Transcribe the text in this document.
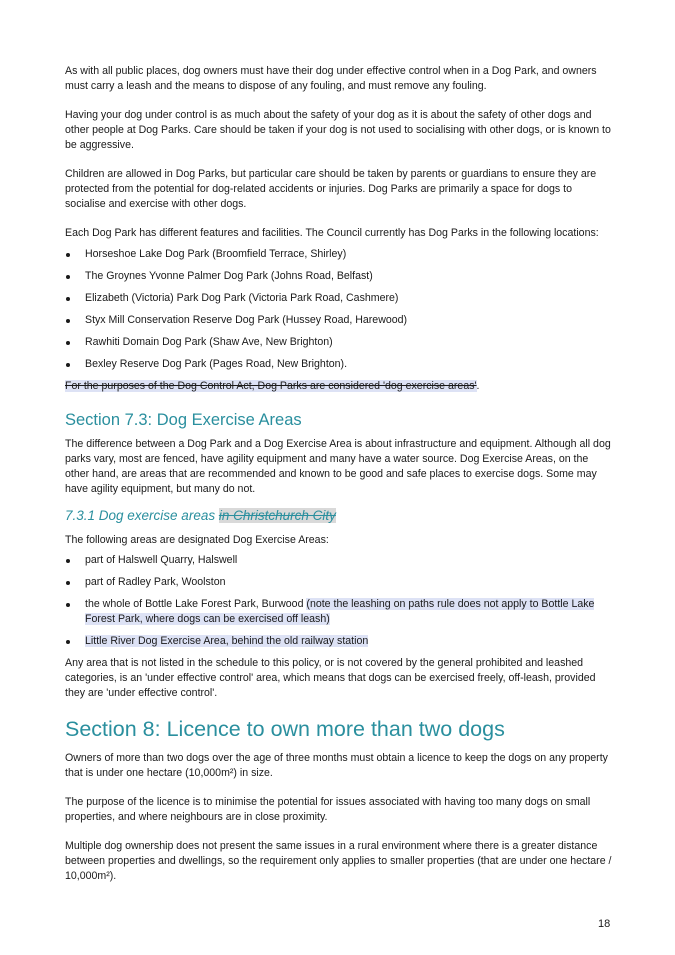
As with all public places, dog owners must have their dog under effective control when in a Dog Park, and owners must carry a leash and the means to dispose of any fouling, and must remove any fouling.

Having your dog under control is as much about the safety of your dog as it is about the safety of other dogs and other people at Dog Parks. Care should be taken if your dog is not used to socialising with other dogs, or is known to be aggressive.

Children are allowed in Dog Parks, but particular care should be taken by parents or guardians to ensure they are protected from the potential for dog-related accidents or injuries. Dog Parks are primarily a space for dogs to socialise and exercise with other dogs.

Each Dog Park has different features and facilities. The Council currently has Dog Parks in the following locations:

Horseshoe Lake Dog Park (Broomfield Terrace, Shirley)
The Groynes Yvonne Palmer Dog Park (Johns Road, Belfast)
Elizabeth (Victoria) Park Dog Park (Victoria Park Road, Cashmere)
Styx Mill Conservation Reserve Dog Park (Hussey Road, Harewood)
Rawhiti Domain Dog Park (Shaw Ave, New Brighton)
Bexley Reserve Dog Park (Pages Road, New Brighton).

For the purposes of the Dog Control Act, Dog Parks are considered 'dog exercise areas'.

Section 7.3: Dog Exercise Areas

The difference between a Dog Park and a Dog Exercise Area is about infrastructure and equipment. Although all dog parks vary, most are fenced, have agility equipment and many have a water source. Dog Exercise Areas, on the other hand, are areas that are recommended and known to be good and safe places to exercise dogs. Some may have agility equipment, but many do not.

7.3.1 Dog exercise areas in Christchurch City

The following areas are designated Dog Exercise Areas:

part of Halswell Quarry, Halswell
part of Radley Park, Woolston
the whole of Bottle Lake Forest Park, Burwood (note the leashing on paths rule does not apply to Bottle Lake Forest Park, where dogs can be exercised off leash)
Little River Dog Exercise Area, behind the old railway station

Any area that is not listed in the schedule to this policy, or is not covered by the general prohibited and leashed categories, is an 'under effective control' area, which means that dogs can be exercised freely, off-leash, provided they are 'under effective control'.

Section 8: Licence to own more than two dogs

Owners of more than two dogs over the age of three months must obtain a licence to keep the dogs on any property that is under one hectare (10,000m²) in size.

The purpose of the licence is to minimise the potential for issues associated with having too many dogs on small properties, and where neighbours are in close proximity.

Multiple dog ownership does not present the same issues in a rural environment where there is a greater distance between properties and dwellings, so the requirement only applies to smaller properties (that are under one hectare / 10,000m²).

18
